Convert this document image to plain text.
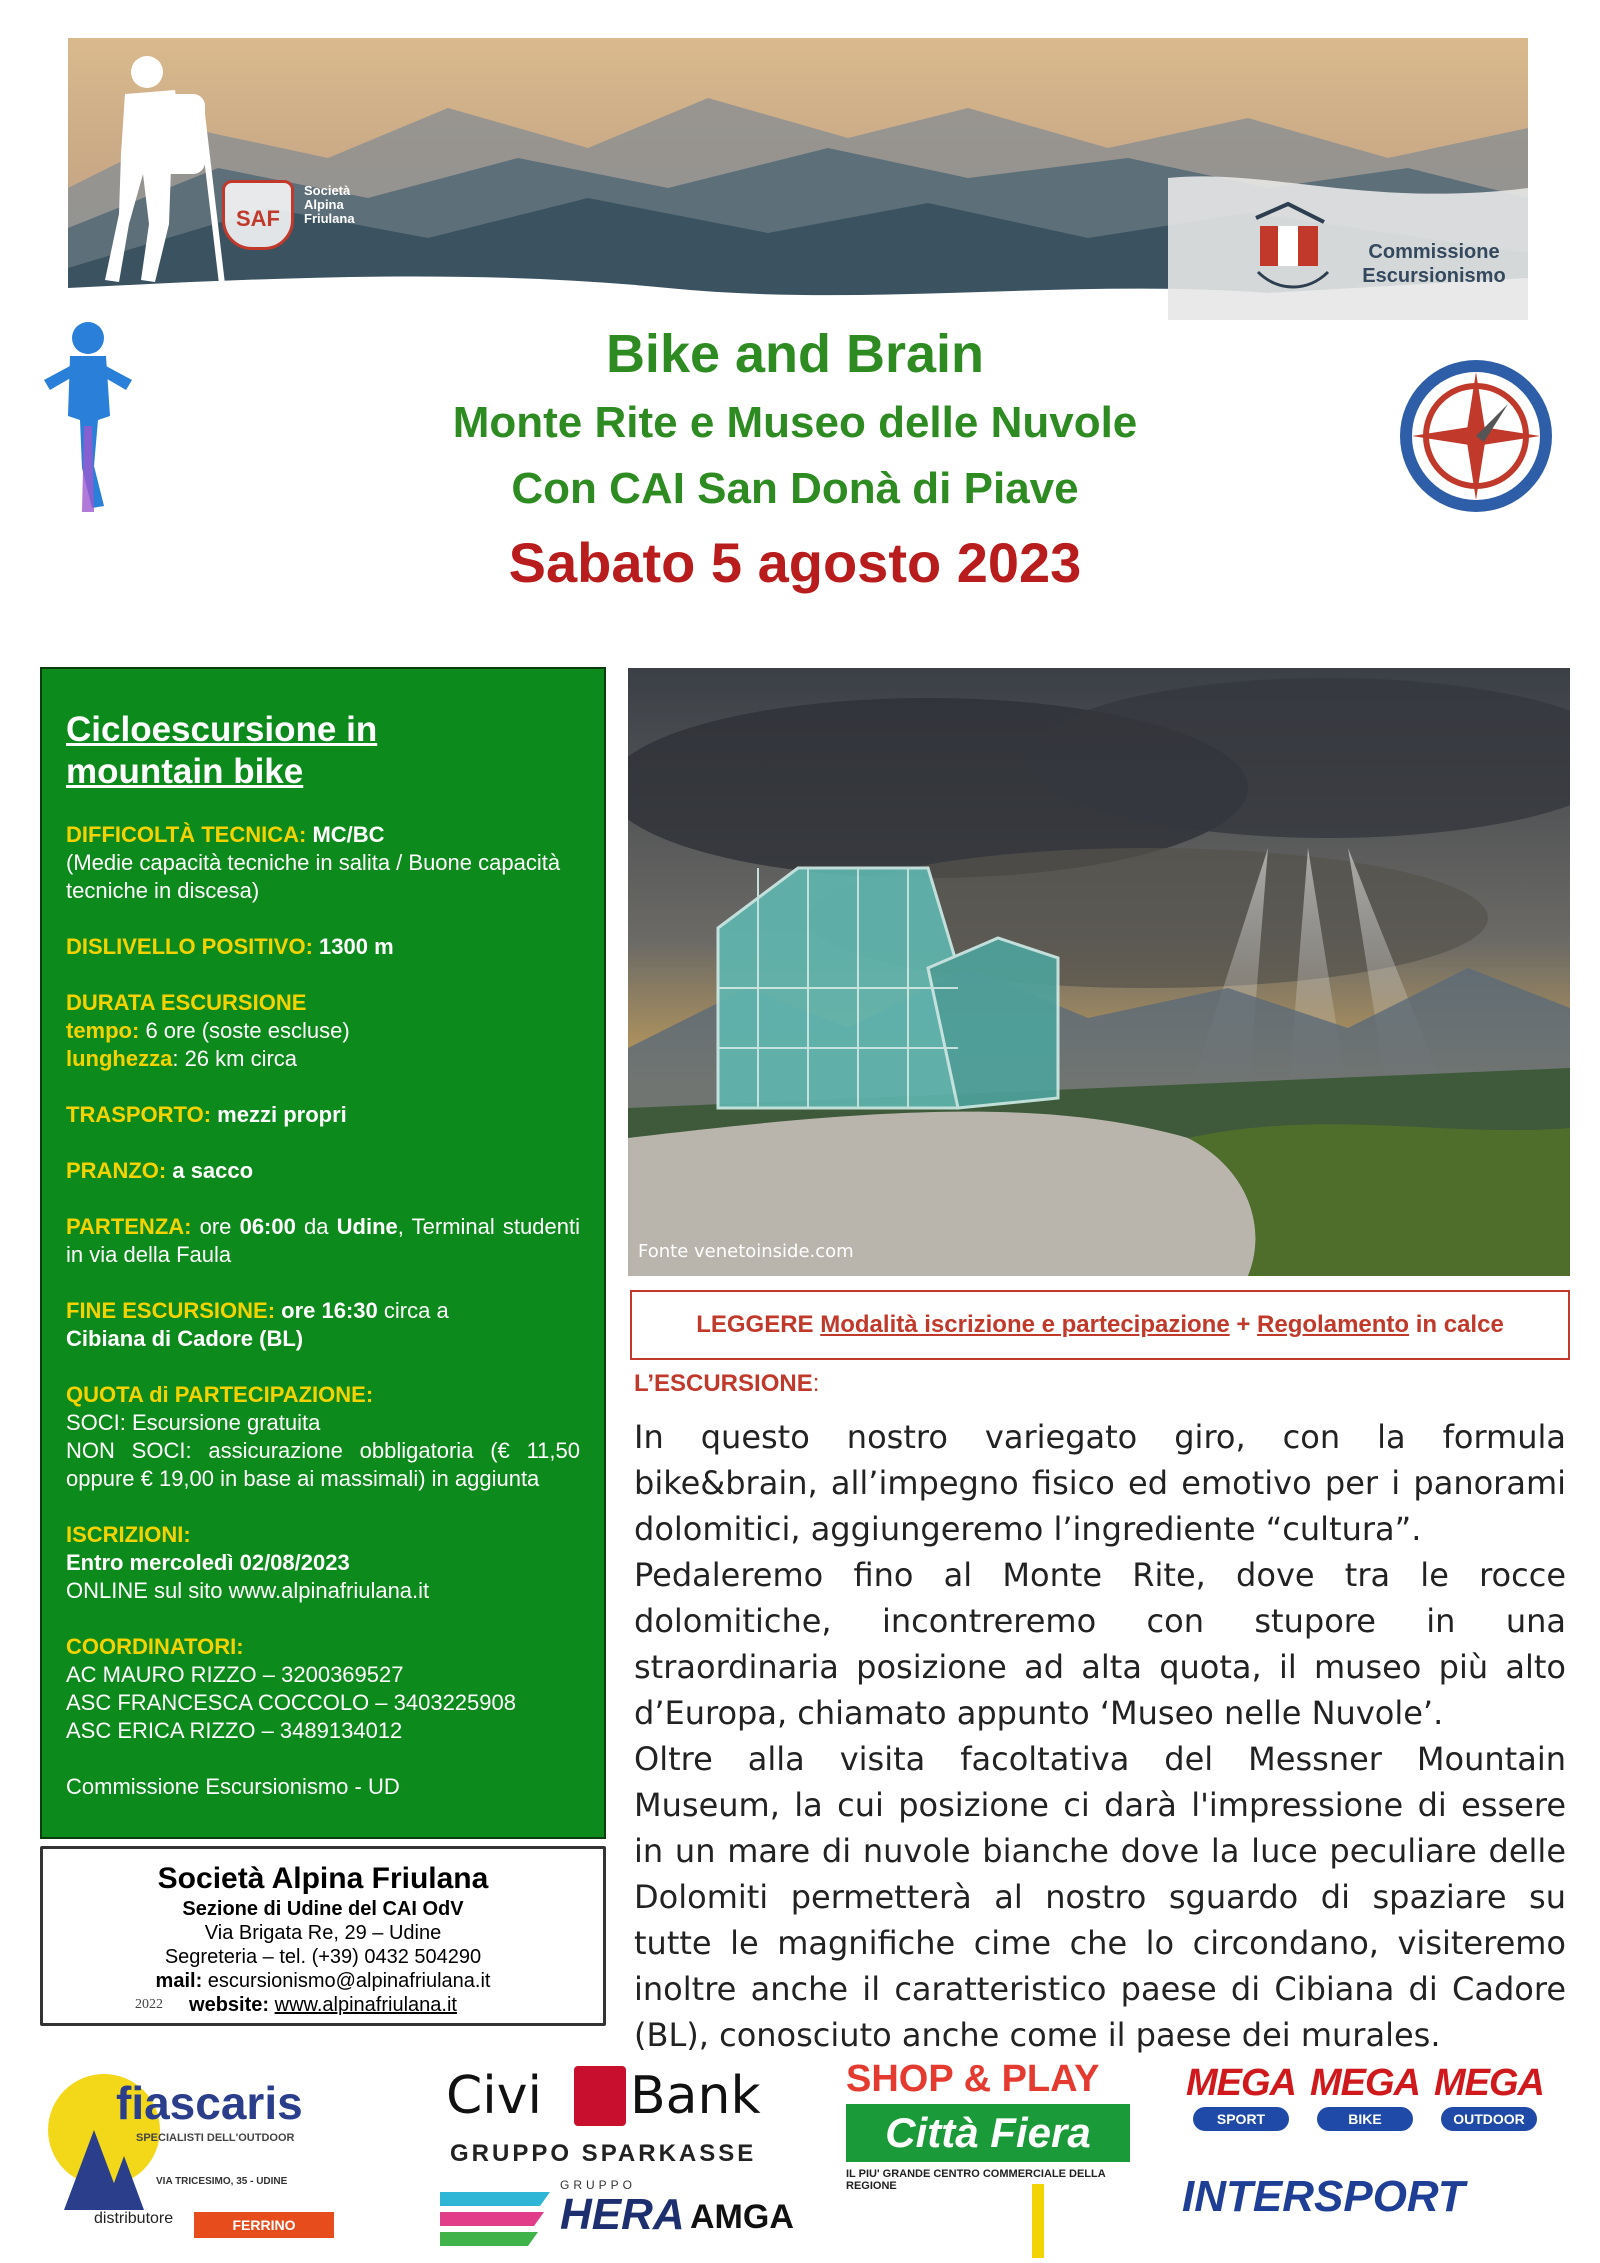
SAF
Società
Alpina
Friulana
Commissione
Escursionismo
Bike and Brain
Monte Rite e Museo delle Nuvole
Con CAI San Donà di Piave
Sabato 5 agosto 2023
Cicloescursione in
mountain bike
DIFFICOLTÀ TECNICA: MC/BC
(Medie capacità tecniche in salita / Buone capacità tecniche in discesa)
DISLIVELLO POSITIVO: 1300 m
DURATA ESCURSIONE
tempo: 6 ore (soste escluse)
lunghezza: 26 km circa
TRASPORTO: mezzi propri
PRANZO: a sacco
PARTENZA: ore 06:00 da Udine, Terminal studenti in via della Faula
FINE ESCURSIONE: ore 16:30 circa a
Cibiana di Cadore (BL)
QUOTA di PARTECIPAZIONE:
SOCI: Escursione gratuita
NON SOCI: assicurazione obbligatoria (€ 11,50 oppure € 19,00 in base ai massimali) in aggiunta
ISCRIZIONI:
Entro mercoledì 02/08/2023
ONLINE sul sito www.alpinafriulana.it
COORDINATORI:
AC MAURO RIZZO – 3200369527
ASC FRANCESCA COCCOLO – 3403225908
ASC ERICA RIZZO – 3489134012
Commissione Escursionismo - UD
Società Alpina Friulana
Sezione di Udine del CAI OdV
Via Brigata Re, 29 – Udine
Segreteria – tel. (+39) 0432 504290
mail: escursionismo@alpinafriulana.it
website: www.alpinafriulana.it
2022
Fonte venetoinside.com
LEGGERE Modalità iscrizione e partecipazione + Regolamento in calce
L’ESCURSIONE:

In questo nostro variegato giro, con la formula bike&brain, all’impegno fisico ed emotivo per i panorami dolomitici, aggiungeremo l’ingrediente “cultura”.

Pedaleremo fino al Monte Rite, dove tra le rocce dolomitiche, incontreremo con stupore in una straordinaria posizione ad alta quota, il museo più alto d’Europa, chiamato appunto ‘Museo nelle Nuvole’.

Oltre alla visita facoltativa del Messner Mountain Museum, la cui posizione ci darà l'impressione di essere in un mare di nuvole bianche dove la luce peculiare delle Dolomiti permetterà al nostro sguardo di spaziare su tutte le magnifiche cime che lo circondano, visiteremo inoltre anche il caratteristico paese di Cibiana di Cadore (BL), conosciuto anche come il paese dei murales.

fiascaris
SPECIALISTI DELL'OUTDOOR
VIA TRICESIMO, 35 - UDINE
distributore	FERRINO
Civi Bank
GRUPPO SPARKASSE
GRUPPO
HERA AMGA
SHOP & PLAY
Città Fiera
IL PIU' GRANDE CENTRO COMMERCIALE DELLA REGIONE
MEGA
SPORT
MEGA
BIKE
MEGA
OUTDOOR
INTERSPORT
